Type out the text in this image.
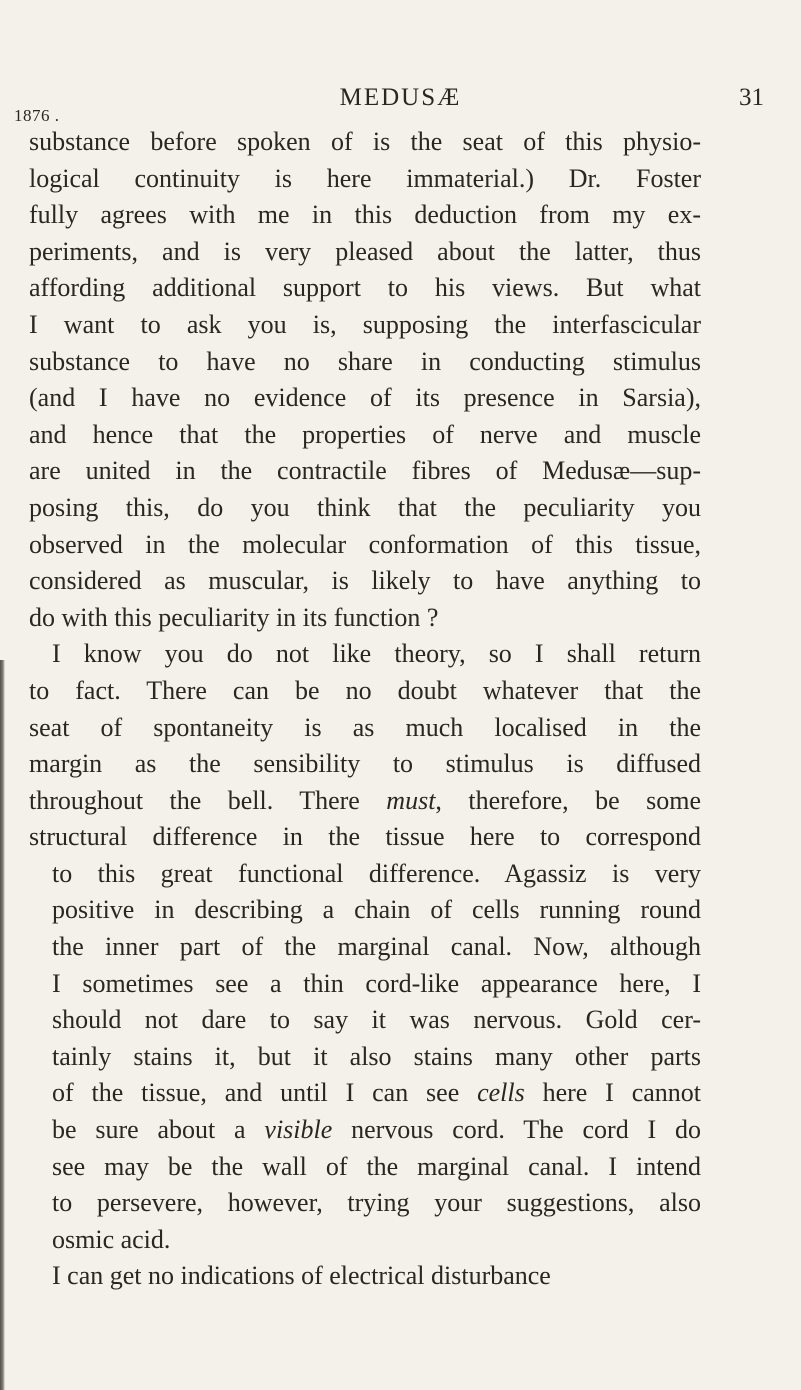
1876 .
MEDUSÆ	31
substance before spoken of is the seat of this physio-
logical continuity is here immaterial.) Dr. Foster
fully agrees with me in this deduction from my ex-
periments, and is very pleased about the latter, thus
affording additional support to his views. But what
I want to ask you is, supposing the interfascicular
substance to have no share in conducting stimulus
(and I have no evidence of its presence in Sarsia),
and hence that the properties of nerve and muscle
are united in the contractile fibres of Medusæ—sup-
posing this, do you think that the peculiarity you
observed in the molecular conformation of this tissue,
considered as muscular, is likely to have anything to
do with this peculiarity in its function ?
I know you do not like theory, so I shall return
to fact. There can be no doubt whatever that the
seat of spontaneity is as much localised in the
margin as the sensibility to stimulus is diffused
throughout the bell. There must, therefore, be some
structural difference in the tissue here to correspond
to this great functional difference. Agassiz is very
positive in describing a chain of cells running round
the inner part of the marginal canal. Now, although
I sometimes see a thin cord-like appearance here, I
should not dare to say it was nervous. Gold cer-
tainly stains it, but it also stains many other parts
of the tissue, and until I can see cells here I cannot
be sure about a visible nervous cord. The cord I do
see may be the wall of the marginal canal. I intend
to persevere, however, trying your suggestions, also
osmic acid.
I can get no indications of electrical disturbance
